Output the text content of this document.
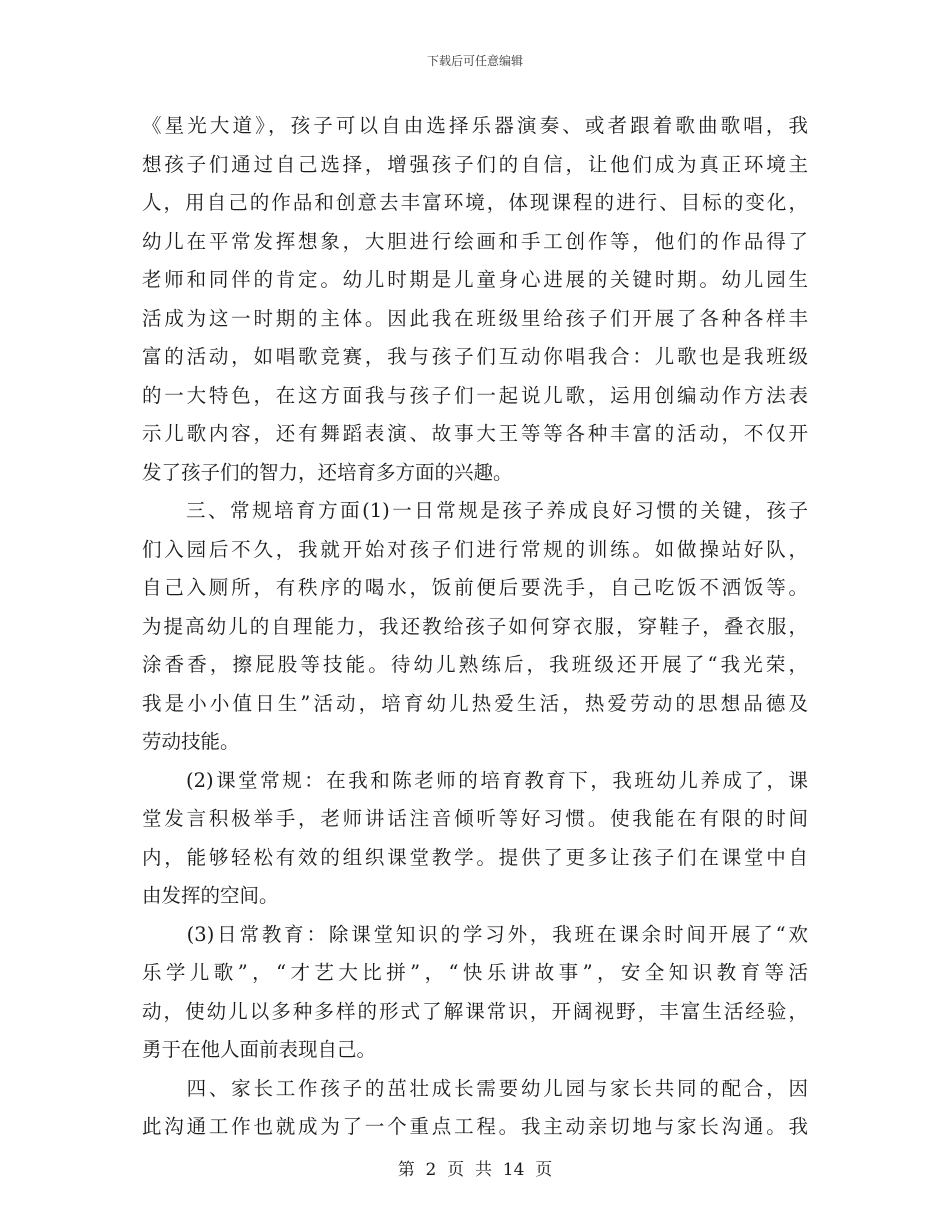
下载后可任意编辑
《星光大道》，孩子可以自由选择乐器演奏、或者跟着歌曲歌唱，我
想孩子们通过自己选择，增强孩子们的自信，让他们成为真正环境主
人，用自己的作品和创意去丰富环境，体现课程的进行、目标的变化，
幼儿在平常发挥想象，大胆进行绘画和手工创作等，他们的作品得了
老师和同伴的肯定。幼儿时期是儿童身心进展的关键时期。幼儿园生
活成为这一时期的主体。因此我在班级里给孩子们开展了各种各样丰
富的活动，如唱歌竞赛，我与孩子们互动你唱我合：儿歌也是我班级
的一大特色，在这方面我与孩子们一起说儿歌，运用创编动作方法表
示儿歌内容，还有舞蹈表演、故事大王等等各种丰富的活动，不仅开
发了孩子们的智力，还培育多方面的兴趣。
　　三、常规培育方面(1)一日常规是孩子养成良好习惯的关键，孩子
们入园后不久，我就开始对孩子们进行常规的训练。如做操站好队，
自己入厕所，有秩序的喝水，饭前便后要洗手，自己吃饭不洒饭等。
为提高幼儿的自理能力，我还教给孩子如何穿衣服，穿鞋子，叠衣服，
涂香香，擦屁股等技能。待幼儿熟练后，我班级还开展了“我光荣，
我是小小值日生”活动，培育幼儿热爱生活，热爱劳动的思想品德及
劳动技能。
　　(2)课堂常规：在我和陈老师的培育教育下，我班幼儿养成了，课
堂发言积极举手，老师讲话注音倾听等好习惯。使我能在有限的时间
内，能够轻松有效的组织课堂教学。提供了更多让孩子们在课堂中自
由发挥的空间。
　　(3)日常教育：除课堂知识的学习外，我班在课余时间开展了“欢
乐学儿歌”，“才艺大比拼”，“快乐讲故事”，安全知识教育等活
动，使幼儿以多种多样的形式了解课常识，开阔视野，丰富生活经验，
勇于在他人面前表现自己。
　　四、家长工作孩子的茁壮成长需要幼儿园与家长共同的配合，因
此沟通工作也就成为了一个重点工程。我主动亲切地与家长沟通。我
第  2  页  共  14  页
